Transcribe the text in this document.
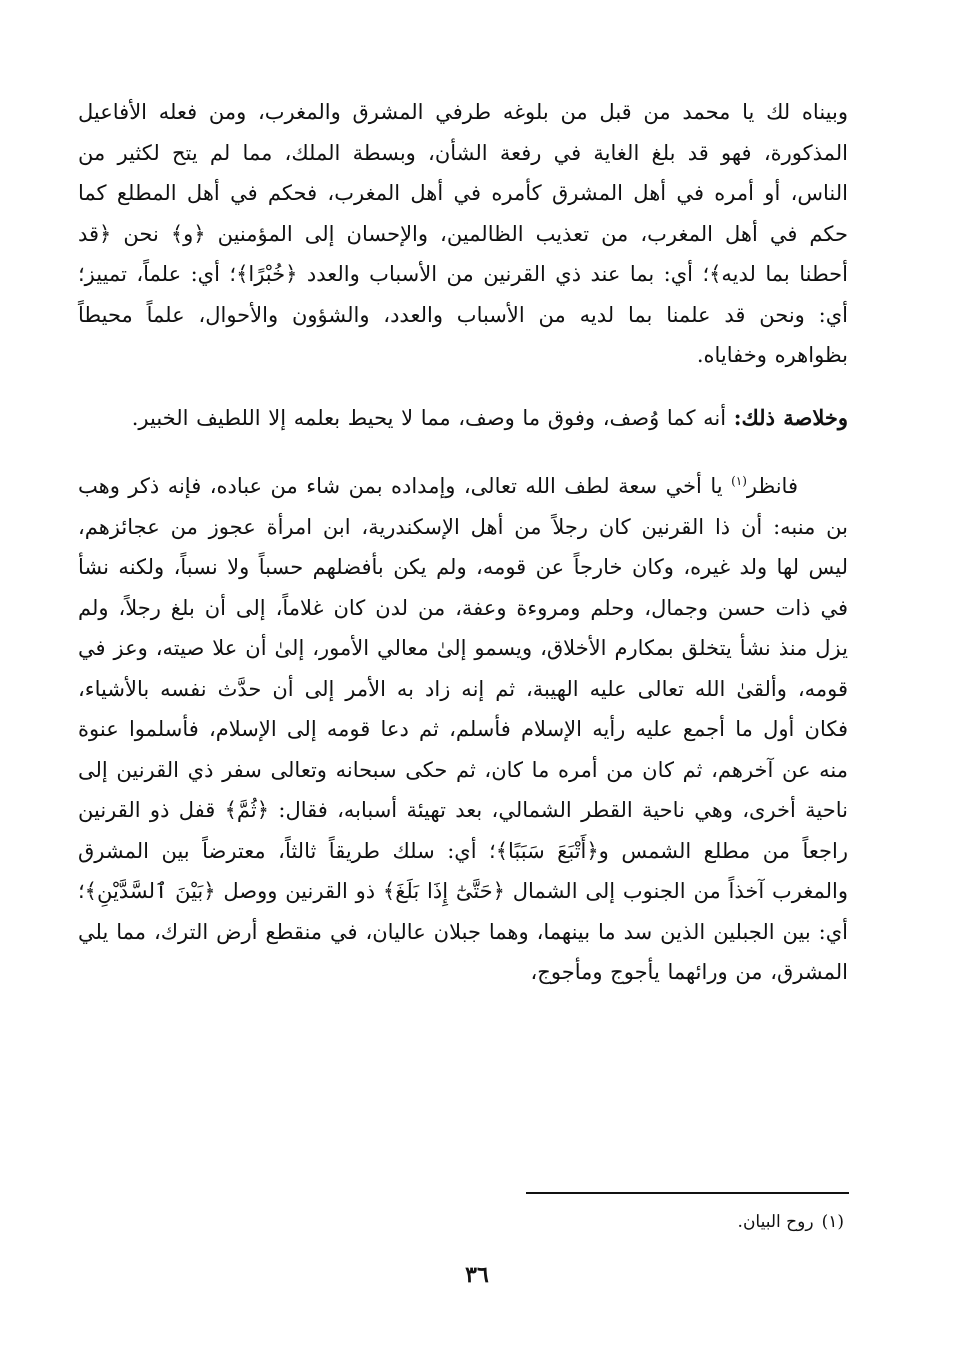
وبيناه لك يا محمد من قبل من بلوغه طرفي المشرق والمغرب، ومن فعله الأفاعيل المذكورة، فهو قد بلغ الغاية في رفعة الشأن، وبسطة الملك، مما لم يتح لكثير من الناس، أو أمره في أهل المشرق كأمره في أهل المغرب، فحكم في أهل المطلع كما حكم في أهل المغرب، من تعذيب الظالمين، والإحسان إلى المؤمنين ﴿و﴾ نحن ﴿قد أحطنا بما لديه﴾؛ أي: بما عند ذي القرنين من الأسباب والعدد ﴿خُبْرًا﴾؛ أي: علماً، تمييز؛ أي: ونحن قد علمنا بما لديه من الأسباب والعدد، والشؤون والأحوال، علماً محيطاً بظواهره وخفاياه.

وخلاصة ذلك: أنه كما وُصف، وفوق ما وصف، مما لا يحيط بعلمه إلا اللطيف الخبير.

فانظر$^{(١)}$ يا أخي سعة لطف الله تعالى، وإمداده بمن شاء من عباده، فإنه ذكر وهب بن منبه: أن ذا القرنين كان رجلاً من أهل الإسكندرية، ابن امرأة عجوز من عجائزهم، ليس لها ولد غيره، وكان خارجاً عن قومه، ولم يكن بأفضلهم حسباً ولا نسباً، ولكنه نشأ في ذات حسن وجمال، وحلم ومروءة وعفة، من لدن كان غلاماً، إلى أن بلغ رجلاً، ولم يزل منذ نشأ يتخلق بمكارم الأخلاق، ويسمو إلىٰ معالي الأمور، إلىٰ أن علا صيته، وعز في قومه، وألقىٰ الله تعالى عليه الهيبة، ثم إنه زاد به الأمر إلى أن حدَّث نفسه بالأشياء، فكان أول ما أجمع عليه رأيه الإسلام فأسلم، ثم دعا قومه إلى الإسلام، فأسلموا عنوة منه عن آخرهم، ثم كان من أمره ما كان، ثم حكى سبحانه وتعالى سفر ذي القرنين إلى ناحية أخرى، وهي ناحية القطر الشمالي، بعد تهيئة أسبابه، فقال: ﴿ثُمَّ﴾ قفل ذو القرنين راجعاً من مطلع الشمس و﴿أَتْبَعَ سَبَبًا﴾؛ أي: سلك طريقاً ثالثاً، معترضاً بين المشرق والمغرب آخذاً من الجنوب إلى الشمال ﴿حَتَّىٰٓ إِذَا بَلَغَ﴾ ذو القرنين ووصل ﴿بَيْنَ ٱلسَّدَّيْنِ﴾؛ أي: بين الجبلين الذين سد ما بينهما، وهما جبلان عاليان، في منقطع أرض الترك، مما يلي المشرق، من ورائهما يأجوج ومأجوج،

(١)روح البيان.
٣٦
